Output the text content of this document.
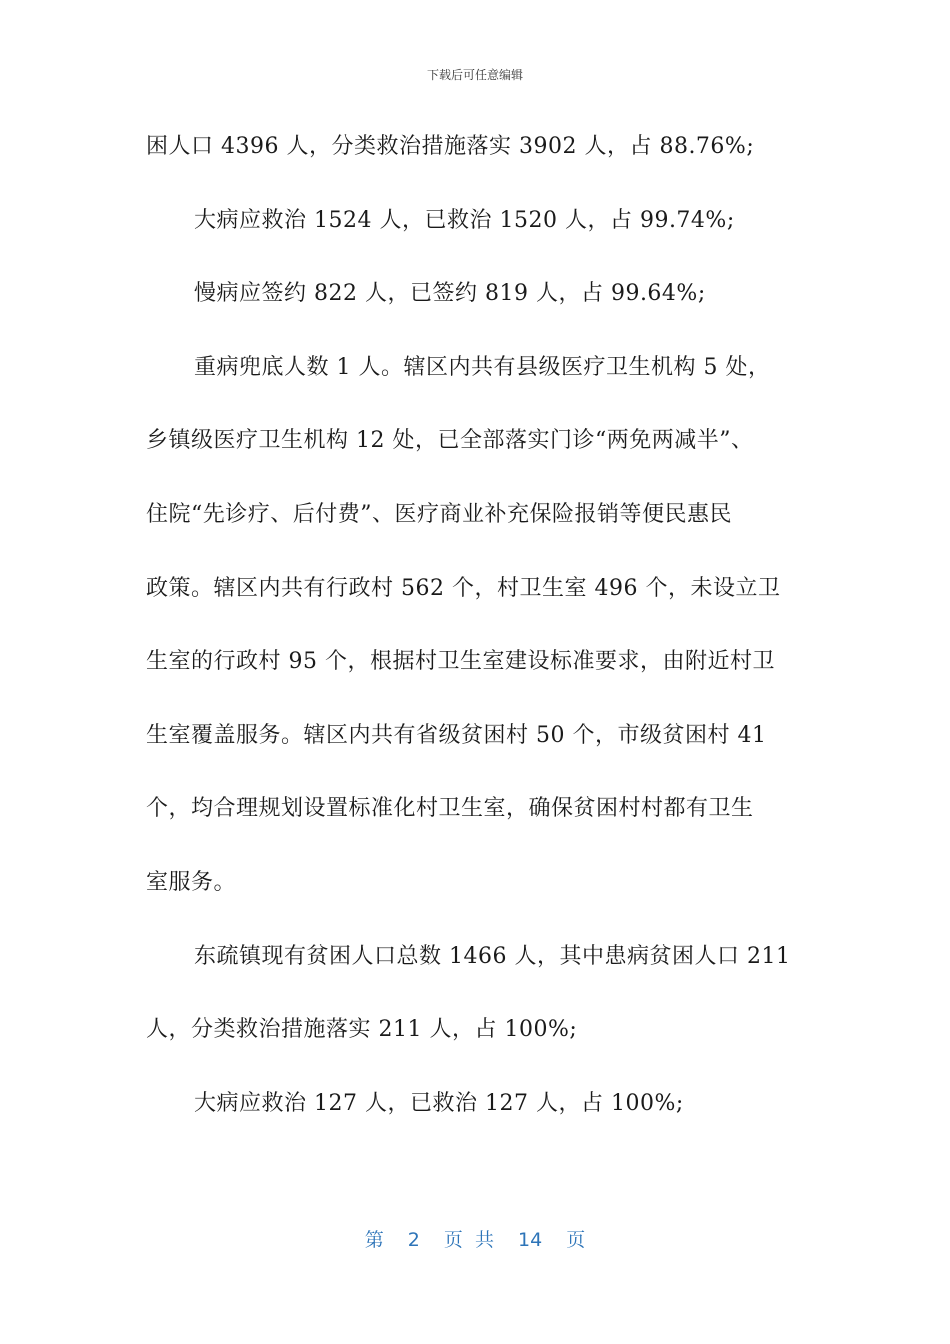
下载后可任意编辑
困人口 4396 人，分类救治措施落实 3902 人，占 88.76%;
大病应救治 1524 人，已救治 1520 人，占 99.74%;
慢病应签约 822 人，已签约 819 人，占 99.64%;
重病兜底人数 1 人。辖区内共有县级医疗卫生机构 5 处，
乡镇级医疗卫生机构 12 处，已全部落实门诊“两免两减半”、
住院“先诊疗、后付费”、医疗商业补充保险报销等便民惠民
政策。辖区内共有行政村 562 个，村卫生室 496 个，未设立卫
生室的行政村 95 个，根据村卫生室建设标准要求，由附近村卫
生室覆盖服务。辖区内共有省级贫困村 50 个，市级贫困村 41
个，均合理规划设置标准化村卫生室，确保贫困村村都有卫生
室服务。
东疏镇现有贫困人口总数 1466 人，其中患病贫困人口 211
人，分类救治措施落实 211 人，占 100%;
大病应救治 127 人，已救治 127 人，占 100%;
第 2 页 共 14 页
